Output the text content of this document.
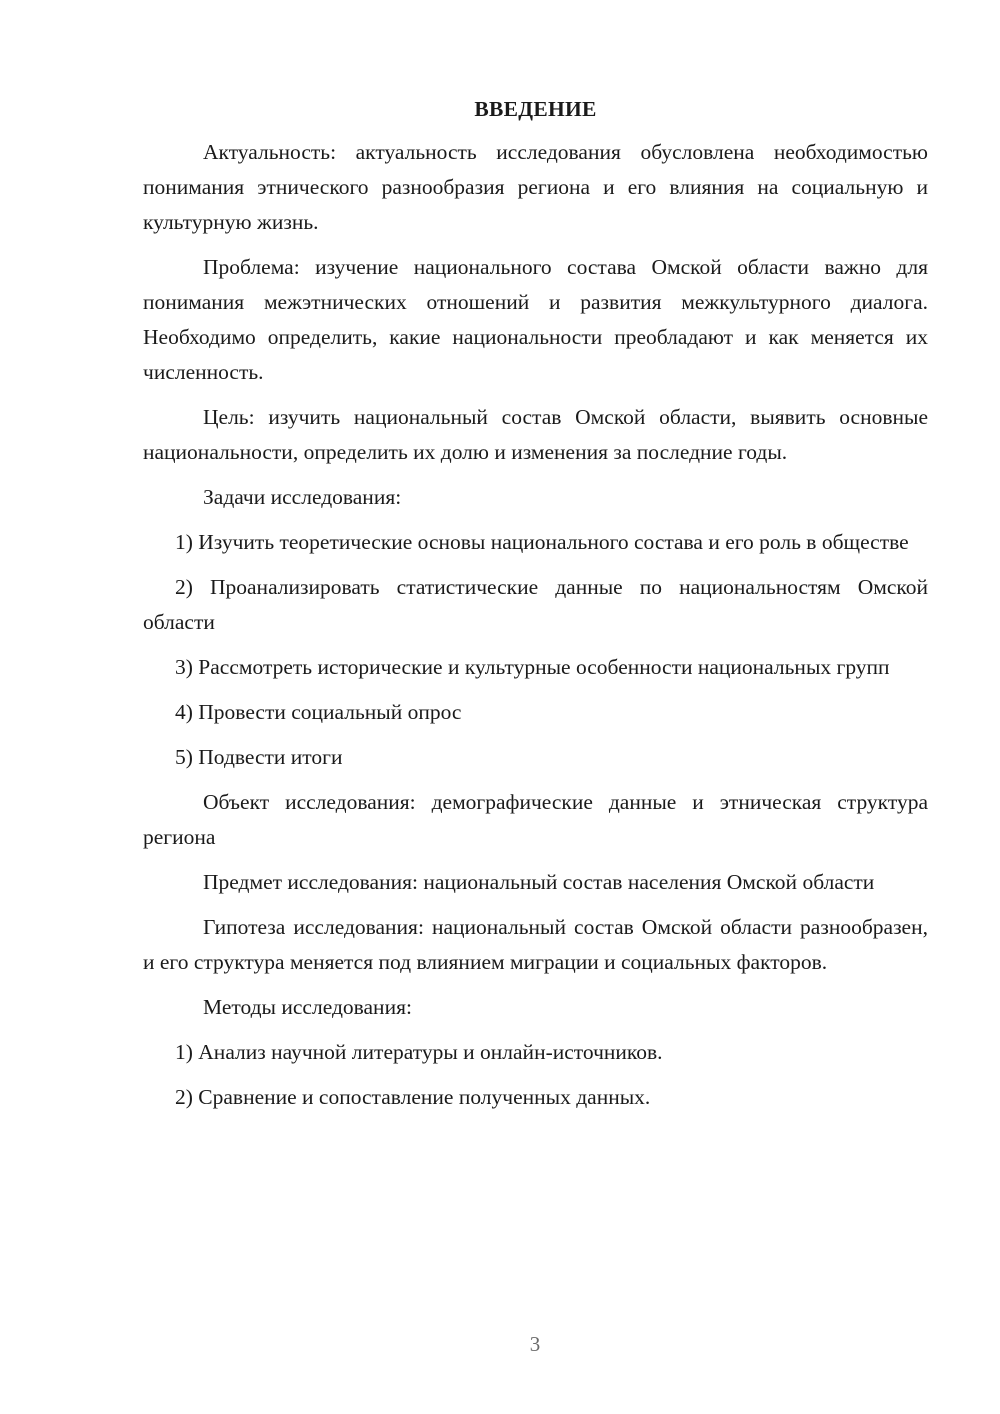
ВВЕДЕНИЕ

Актуальность: актуальность исследования обусловлена необходимостью понимания этнического разнообразия региона и его влияния на социальную и культурную жизнь.

Проблема: изучение национального состава Омской области важно для понимания межэтнических отношений и развития межкультурного диалога. Необходимо определить, какие национальности преобладают и как меняется их численность.

Цель: изучить национальный состав Омской области, выявить основные национальности, определить их долю и изменения за последние годы.

Задачи исследования:

1) Изучить теоретические основы национального состава и его роль в обществе

2) Проанализировать статистические данные по национальностям Омской области

3) Рассмотреть исторические и культурные особенности национальных групп

4) Провести социальный опрос

5) Подвести итоги

Объект исследования: демографические данные и этническая структура региона

Предмет исследования: национальный состав населения Омской области

Гипотеза исследования: национальный состав Омской области разнообразен, и его структура меняется под влиянием миграции и социальных факторов.

Методы исследования:

1) Анализ научной литературы и онлайн-источников.

2) Сравнение и сопоставление полученных данных.

3
